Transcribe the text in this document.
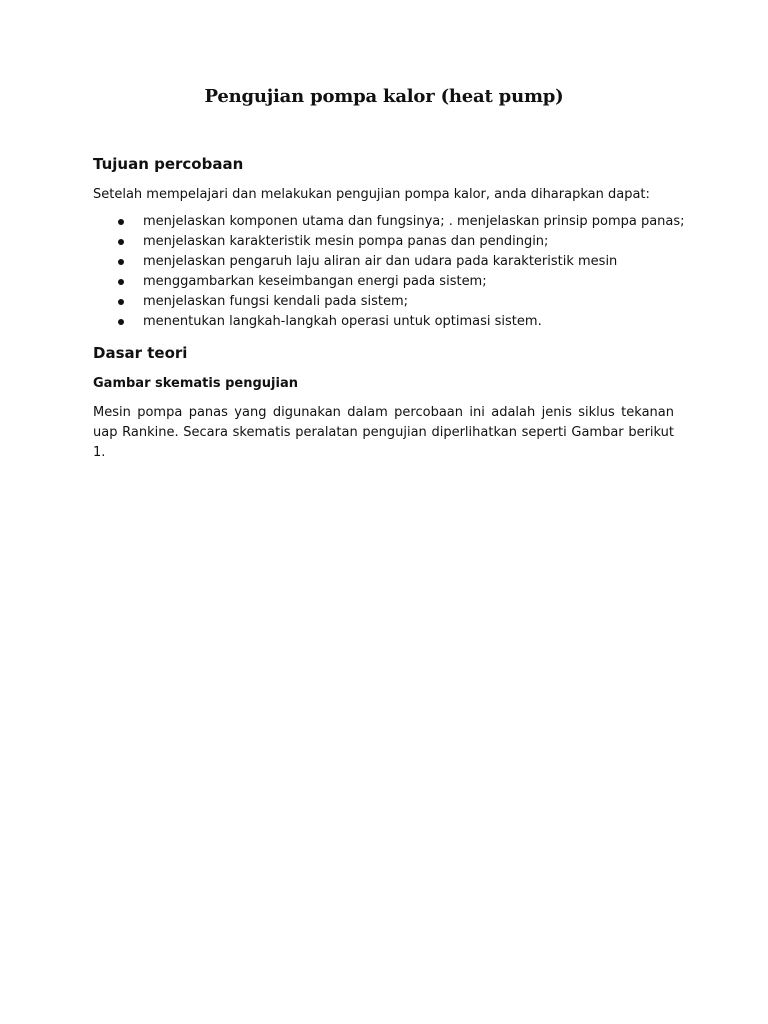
Pengujian pompa kalor (heat pump)
Tujuan percobaan
Setelah mempelajari dan melakukan pengujian pompa kalor, anda diharapkan dapat:
menjelaskan komponen utama dan fungsinya; . menjelaskan prinsip pompa panas;
menjelaskan karakteristik mesin pompa panas dan pendingin;
menjelaskan pengaruh laju aliran air dan udara pada karakteristik mesin
menggambarkan keseimbangan energi pada sistem;
menjelaskan fungsi kendali pada sistem;
menentukan langkah-langkah operasi untuk optimasi sistem.
Dasar teori
Gambar skematis pengujian
Mesin pompa panas yang digunakan dalam percobaan ini adalah jenis siklus tekanan uap Rankine. Secara skematis peralatan pengujian diperlihatkan seperti Gambar berikut 1.
